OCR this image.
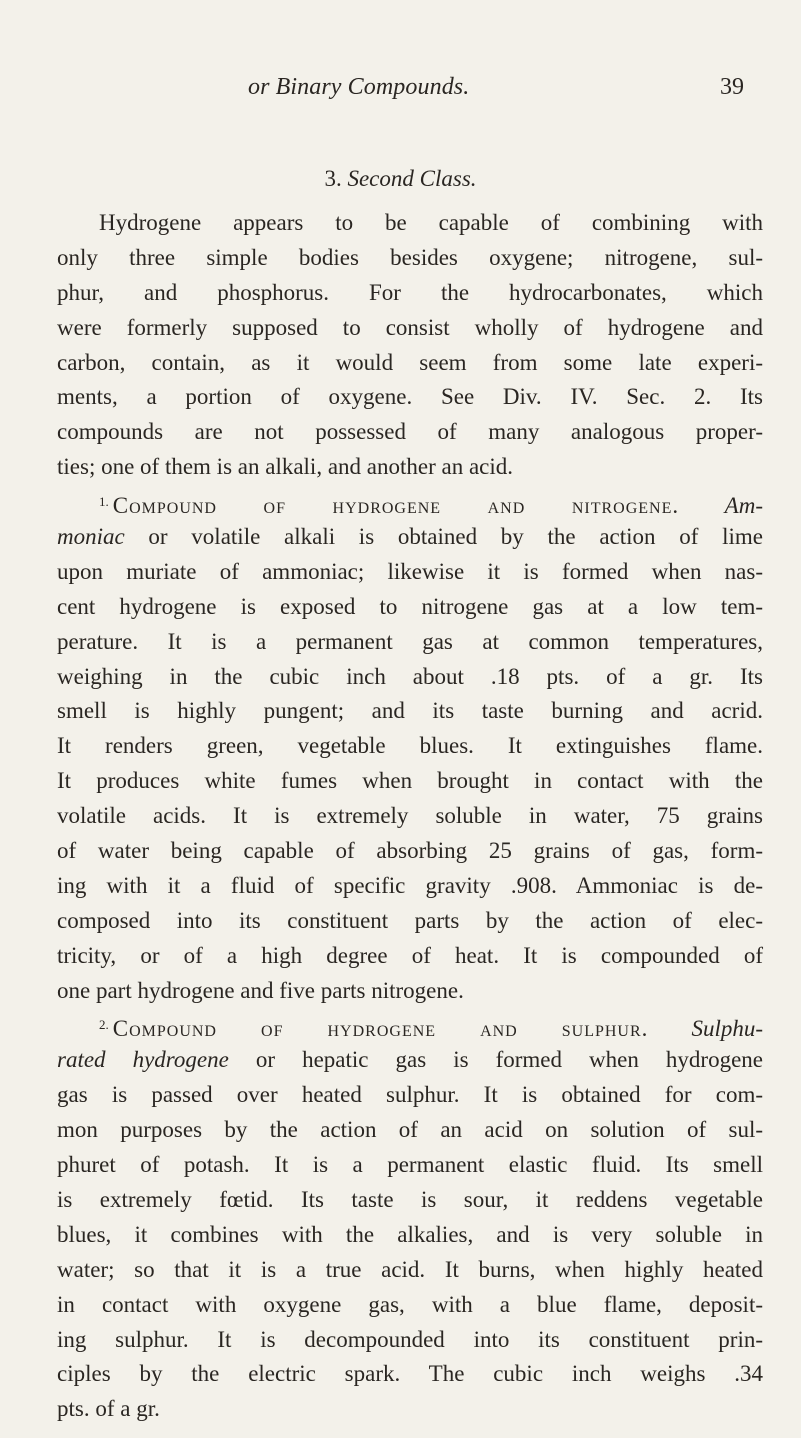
or Binary Compounds.	39
3. Second Class.
Hydrogene appears to be capable of combining with
only three simple bodies besides oxygene; nitrogene, sul-
phur, and phosphorus. For the hydrocarbonates, which
were formerly supposed to consist wholly of hydrogene and
carbon, contain, as it would seem from some late experi-
ments, a portion of oxygene. See Div. IV. Sec. 2. Its
compounds are not possessed of many analogous proper-
ties; one of them is an alkali, and another an acid.
$^{1.}$ Compound of hydrogene and nitrogene. Am-
moniac or volatile alkali is obtained by the action of lime
upon muriate of ammoniac; likewise it is formed when nas-
cent hydrogene is exposed to nitrogene gas at a low tem-
perature. It is a permanent gas at common temperatures,
weighing in the cubic inch about .18 pts. of a gr. Its
smell is highly pungent; and its taste burning and acrid.
It renders green, vegetable blues. It extinguishes flame.
It produces white fumes when brought in contact with the
volatile acids. It is extremely soluble in water, 75 grains
of water being capable of absorbing 25 grains of gas, form-
ing with it a fluid of specific gravity .908. Ammoniac is de-
composed into its constituent parts by the action of elec-
tricity, or of a high degree of heat. It is compounded of
one part hydrogene and five parts nitrogene.
$^{2.}$ Compound of hydrogene and sulphur. Sulphu-
rated hydrogene or hepatic gas is formed when hydrogene
gas is passed over heated sulphur. It is obtained for com-
mon purposes by the action of an acid on solution of sul-
phuret of potash. It is a permanent elastic fluid. Its smell
is extremely fœtid. Its taste is sour, it reddens vegetable
blues, it combines with the alkalies, and is very soluble in
water; so that it is a true acid. It burns, when highly heated
in contact with oxygene gas, with a blue flame, deposit-
ing sulphur. It is decompounded into its constituent prin-
ciples by the electric spark. The cubic inch weighs .34
pts. of a gr.
